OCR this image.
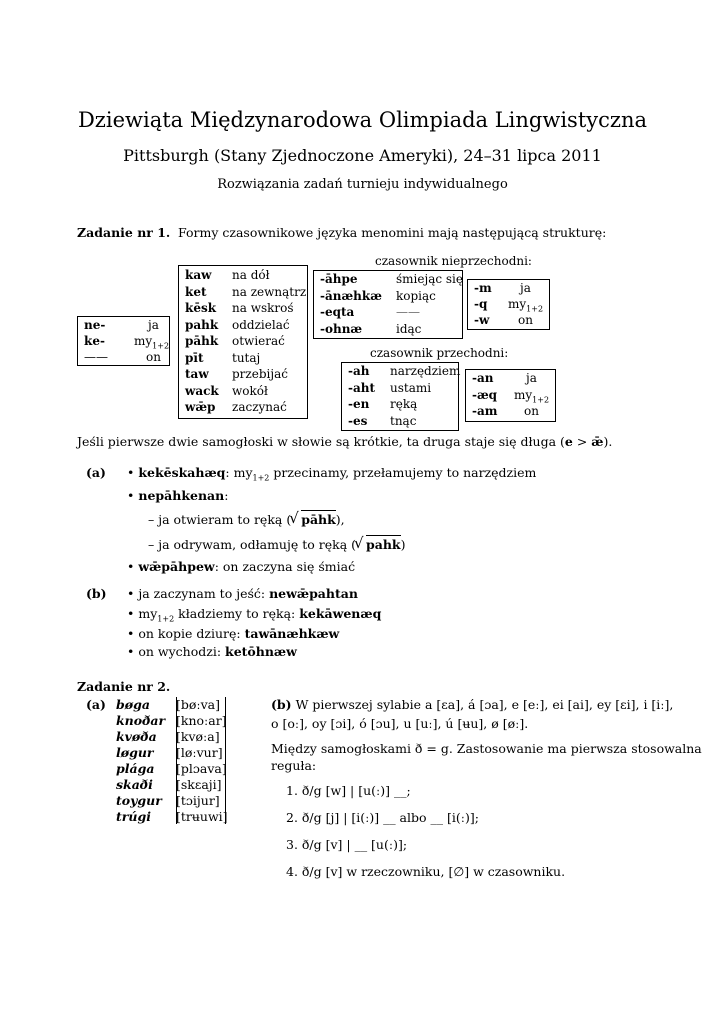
Dziewiąta Międzynarodowa Olimpiada Lingwistyczna
Pittsburgh (Stany Zjednoczone Ameryki), 24–31 lipca 2011
Rozwiązania zadań turnieju indywidualnego
Zadanie nr 1. Formy czasownikowe języka menomini mają następującą strukturę:
ne-	ja
ke- $my_{1+2}$
——	on
kaw na dół
ket na zewnątrz
kēsk na wskroś
pahk oddzielać
pāhk otwierać
pīt tutaj
taw przebijać
wack wokół
wǣp zaczynać
czasownik nieprzechodni:
-āhpe	śmiejąc się
-ānæhkæ kopiąc
-eqta	——
-ohnæ	idąc
-m ja
-q $my_{1+2}$
-w on
czasownik przechodni:
-ah narzędziem
-aht ustami
-en ręką
-es tnąc
-an	ja
-æq $my_{1+2}$
-am on
Jeśli pierwsze dwie samogłoski w słowie są krótkie, ta druga staje się długa (e > ǣ).
(a) • kekēskahæq: $my_{1+2}$ przecinamy, przełamujemy to narzędziem
• nepāhkenan:
– ja otwieram to ręką ( √ pāhk),
– ja odrywam, odłamuję to ręką ( √ pahk)
• wǣpāhpew: on zaczyna się śmiać
(b) • ja zaczynam to jeść: newǣpahtan
• $my_{1+2}$ kładziemy to ręką: kekāwenæq
• on kopie dziurę: tawānæhkæw
• on wychodzi: ketōhnæw
Zadanie nr 2.
(a) bøga [bøːva]
knoðar [knoːar]
kvøða [kvøːa]
løgur [løːvur]
plága [plɔava]
skaði [skɛaji]
toygur [tɔijur]
trúgi [trʉuwi]
(b) W pierwszej sylabie a [ɛa], á [ɔa], e [eː], ei [ai], ey [ɛi], i [iː],
o [oː], oy [ɔi], ó [ɔu], u [uː], ú [ʉu], ø [øː].
Między samogłoskami ð = g. Zastosowanie ma pierwsza stosowalna
reguła:
1. ð/g [w] | [u(ː)] __;
2. ð/g [j] | [i(ː)] __ albo __ [i(ː)];
3. ð/g [v] | __ [u(ː)];
4. ð/g [v] w rzeczowniku, [∅] w czasowniku.
